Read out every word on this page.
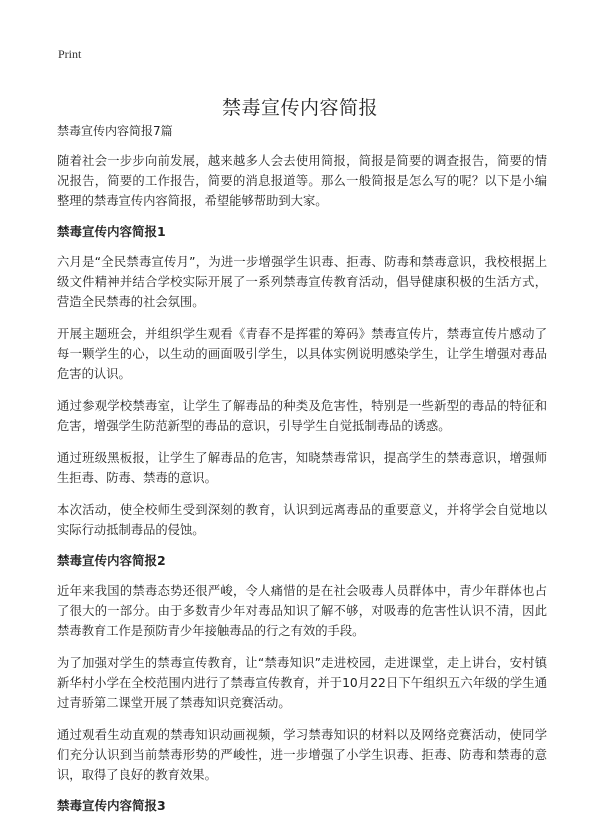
Print
禁毒宣传内容简报

禁毒宣传内容简报7篇

随着社会一步步向前发展，越来越多人会去使用简报，简报是简要的调查报告，简要的情况报告，简要的工作报告，简要的消息报道等。那么一般简报是怎么写的呢？以下是小编整理的禁毒宣传内容简报，希望能够帮助到大家。

禁毒宣传内容简报1

六月是“全民禁毒宣传月”，为进一步增强学生识毒、拒毒、防毒和禁毒意识，我校根据上级文件精神并结合学校实际开展了一系列禁毒宣传教育活动，倡导健康积极的生活方式，营造全民禁毒的社会氛围。

开展主题班会，并组织学生观看《青春不是挥霍的筹码》禁毒宣传片，禁毒宣传片感动了每一颗学生的心，以生动的画面吸引学生，以具体实例说明感染学生，让学生增强对毒品危害的认识。

通过参观学校禁毒室，让学生了解毒品的种类及危害性，特别是一些新型的毒品的特征和危害，增强学生防范新型的毒品的意识，引导学生自觉抵制毒品的诱惑。

通过班级黑板报，让学生了解毒品的危害，知晓禁毒常识，提高学生的禁毒意识，增强师生拒毒、防毒、禁毒的意识。

本次活动，使全校师生受到深刻的教育，认识到远离毒品的重要意义，并将学会自觉地以实际行动抵制毒品的侵蚀。

禁毒宣传内容简报2

近年来我国的禁毒态势还很严峻，令人痛惜的是在社会吸毒人员群体中，青少年群体也占了很大的一部分。由于多数青少年对毒品知识了解不够，对吸毒的危害性认识不清，因此禁毒教育工作是预防青少年接触毒品的行之有效的手段。

为了加强对学生的禁毒宣传教育，让“禁毒知识”走进校园，走进课堂，走上讲台，安村镇新华村小学在全校范围内进行了禁毒宣传教育，并于10月22日下午组织五六年级的学生通过青骄第二课堂开展了禁毒知识竞赛活动。

通过观看生动直观的禁毒知识动画视频，学习禁毒知识的材料以及网络竞赛活动，使同学们充分认识到当前禁毒形势的严峻性，进一步增强了小学生识毒、拒毒、防毒和禁毒的意识，取得了良好的教育效果。

禁毒宣传内容简报3
